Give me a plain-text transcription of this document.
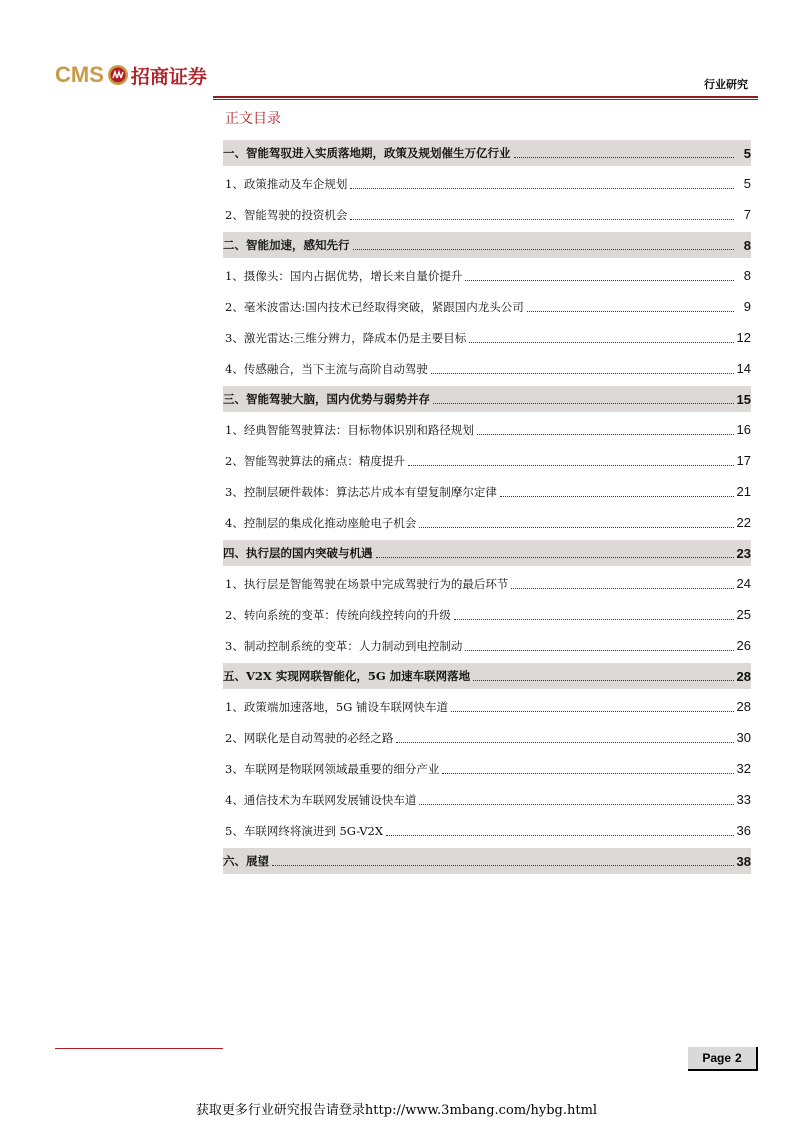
CMS 招商证券	行业研究
正文目录
一、智能驾驭进入实质落地期，政策及规划催生万亿行业	5
1、政策推动及车企规划	5
2、智能驾驶的投资机会	7
二、智能加速，感知先行	8
1、摄像头：国内占据优势，增长来自量价提升	8
2、毫米波雷达:国内技术已经取得突破，紧跟国内龙头公司	9
3、激光雷达:三维分辨力，降成本仍是主要目标	12
4、传感融合，当下主流与高阶自动驾驶	14
三、智能驾驶大脑，国内优势与弱势并存	15
1、经典智能驾驶算法：目标物体识别和路径规划	16
2、智能驾驶算法的痛点：精度提升	17
3、控制层硬件载体：算法芯片成本有望复制摩尔定律	21
4、控制层的集成化推动座舱电子机会	22
四、执行层的国内突破与机遇	23
1、执行层是智能驾驶在场景中完成驾驶行为的最后环节	24
2、转向系统的变革：传统向线控转向的升级	25
3、制动控制系统的变革：人力制动到电控制动	26
五、V2X 实现网联智能化，5G 加速车联网落地	28
1、政策端加速落地，5G 铺设车联网快车道	28
2、网联化是自动驾驶的必经之路	30
3、车联网是物联网领域最重要的细分产业	32
4、通信技术为车联网发展铺设快车道	33
5、车联网终将演进到 5G-V2X	36
六、展望	38
Page 2
获取更多行业研究报告请登录http://www.3mbang.com/hybg.html
